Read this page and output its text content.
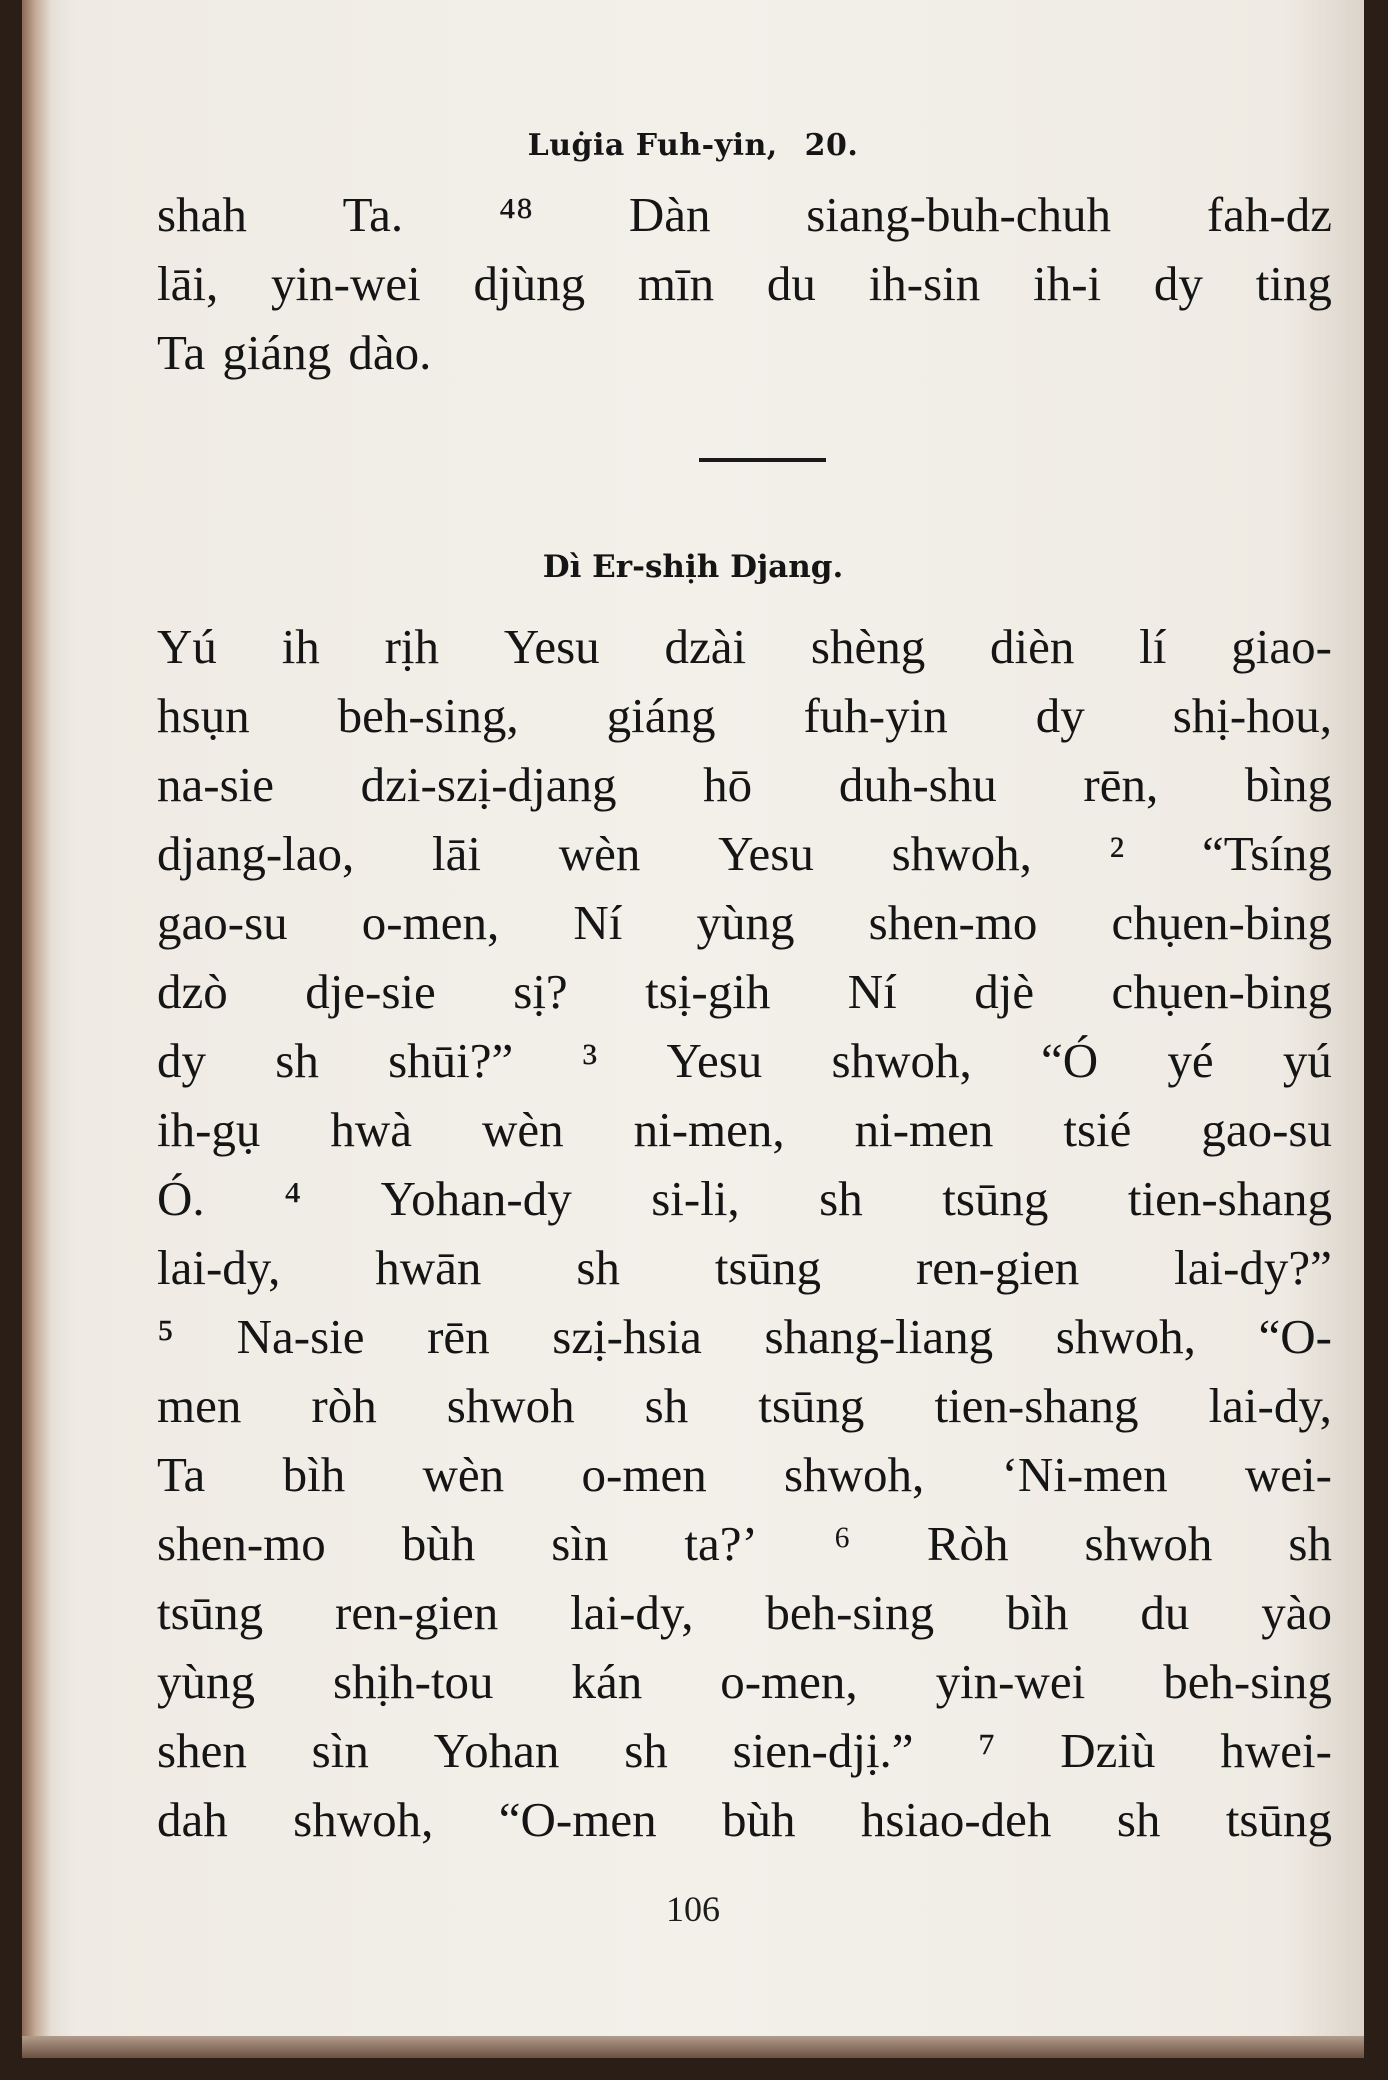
Luġia Fuh-yin, 20.
shah Ta. ⁴⁸ Dàn siang-buh-chuh fah-dz
lāi, yin-wei djùng mīn du ih-sin ih-i dy ting
Ta giáng dào.
Dì Er-shịh Djang.
Yú ih rịh Yesu dzài shèng dièn lí giao-
hsụn beh-sing, giáng fuh-yin dy shị-hou,
na-sie dzi-szị-djang hō duh-shu rēn, bìng
djang-lao, lāi wèn Yesu shwoh, ² “Tsíng
gao-su o-men, Ní yùng shen-mo chụen-bing
dzò dje-sie sị? tsị-gih Ní djè chụen-bing
dy sh shūi?” ³ Yesu shwoh, “Ó yé yú
ih-gụ hwà wèn ni-men, ni-men tsié gao-su
Ó. ⁴ Yohan-dy si-li, sh tsūng tien-shang
lai-dy, hwān sh tsūng ren-gien lai-dy?”
⁵ Na-sie rēn szị-hsia shang-liang shwoh, “O-
men ròh shwoh sh tsūng tien-shang lai-dy,
Ta bìh wèn o-men shwoh, ‘Ni-men wei-
shen-mo bùh sìn ta?’ ⁶ Ròh shwoh sh
tsūng ren-gien lai-dy, beh-sing bìh du yào
yùng shịh-tou kán o-men, yin-wei beh-sing
shen sìn Yohan sh sien-djị.” ⁷ Dziù hwei-
dah shwoh, “O-men bùh hsiao-deh sh tsūng
106
